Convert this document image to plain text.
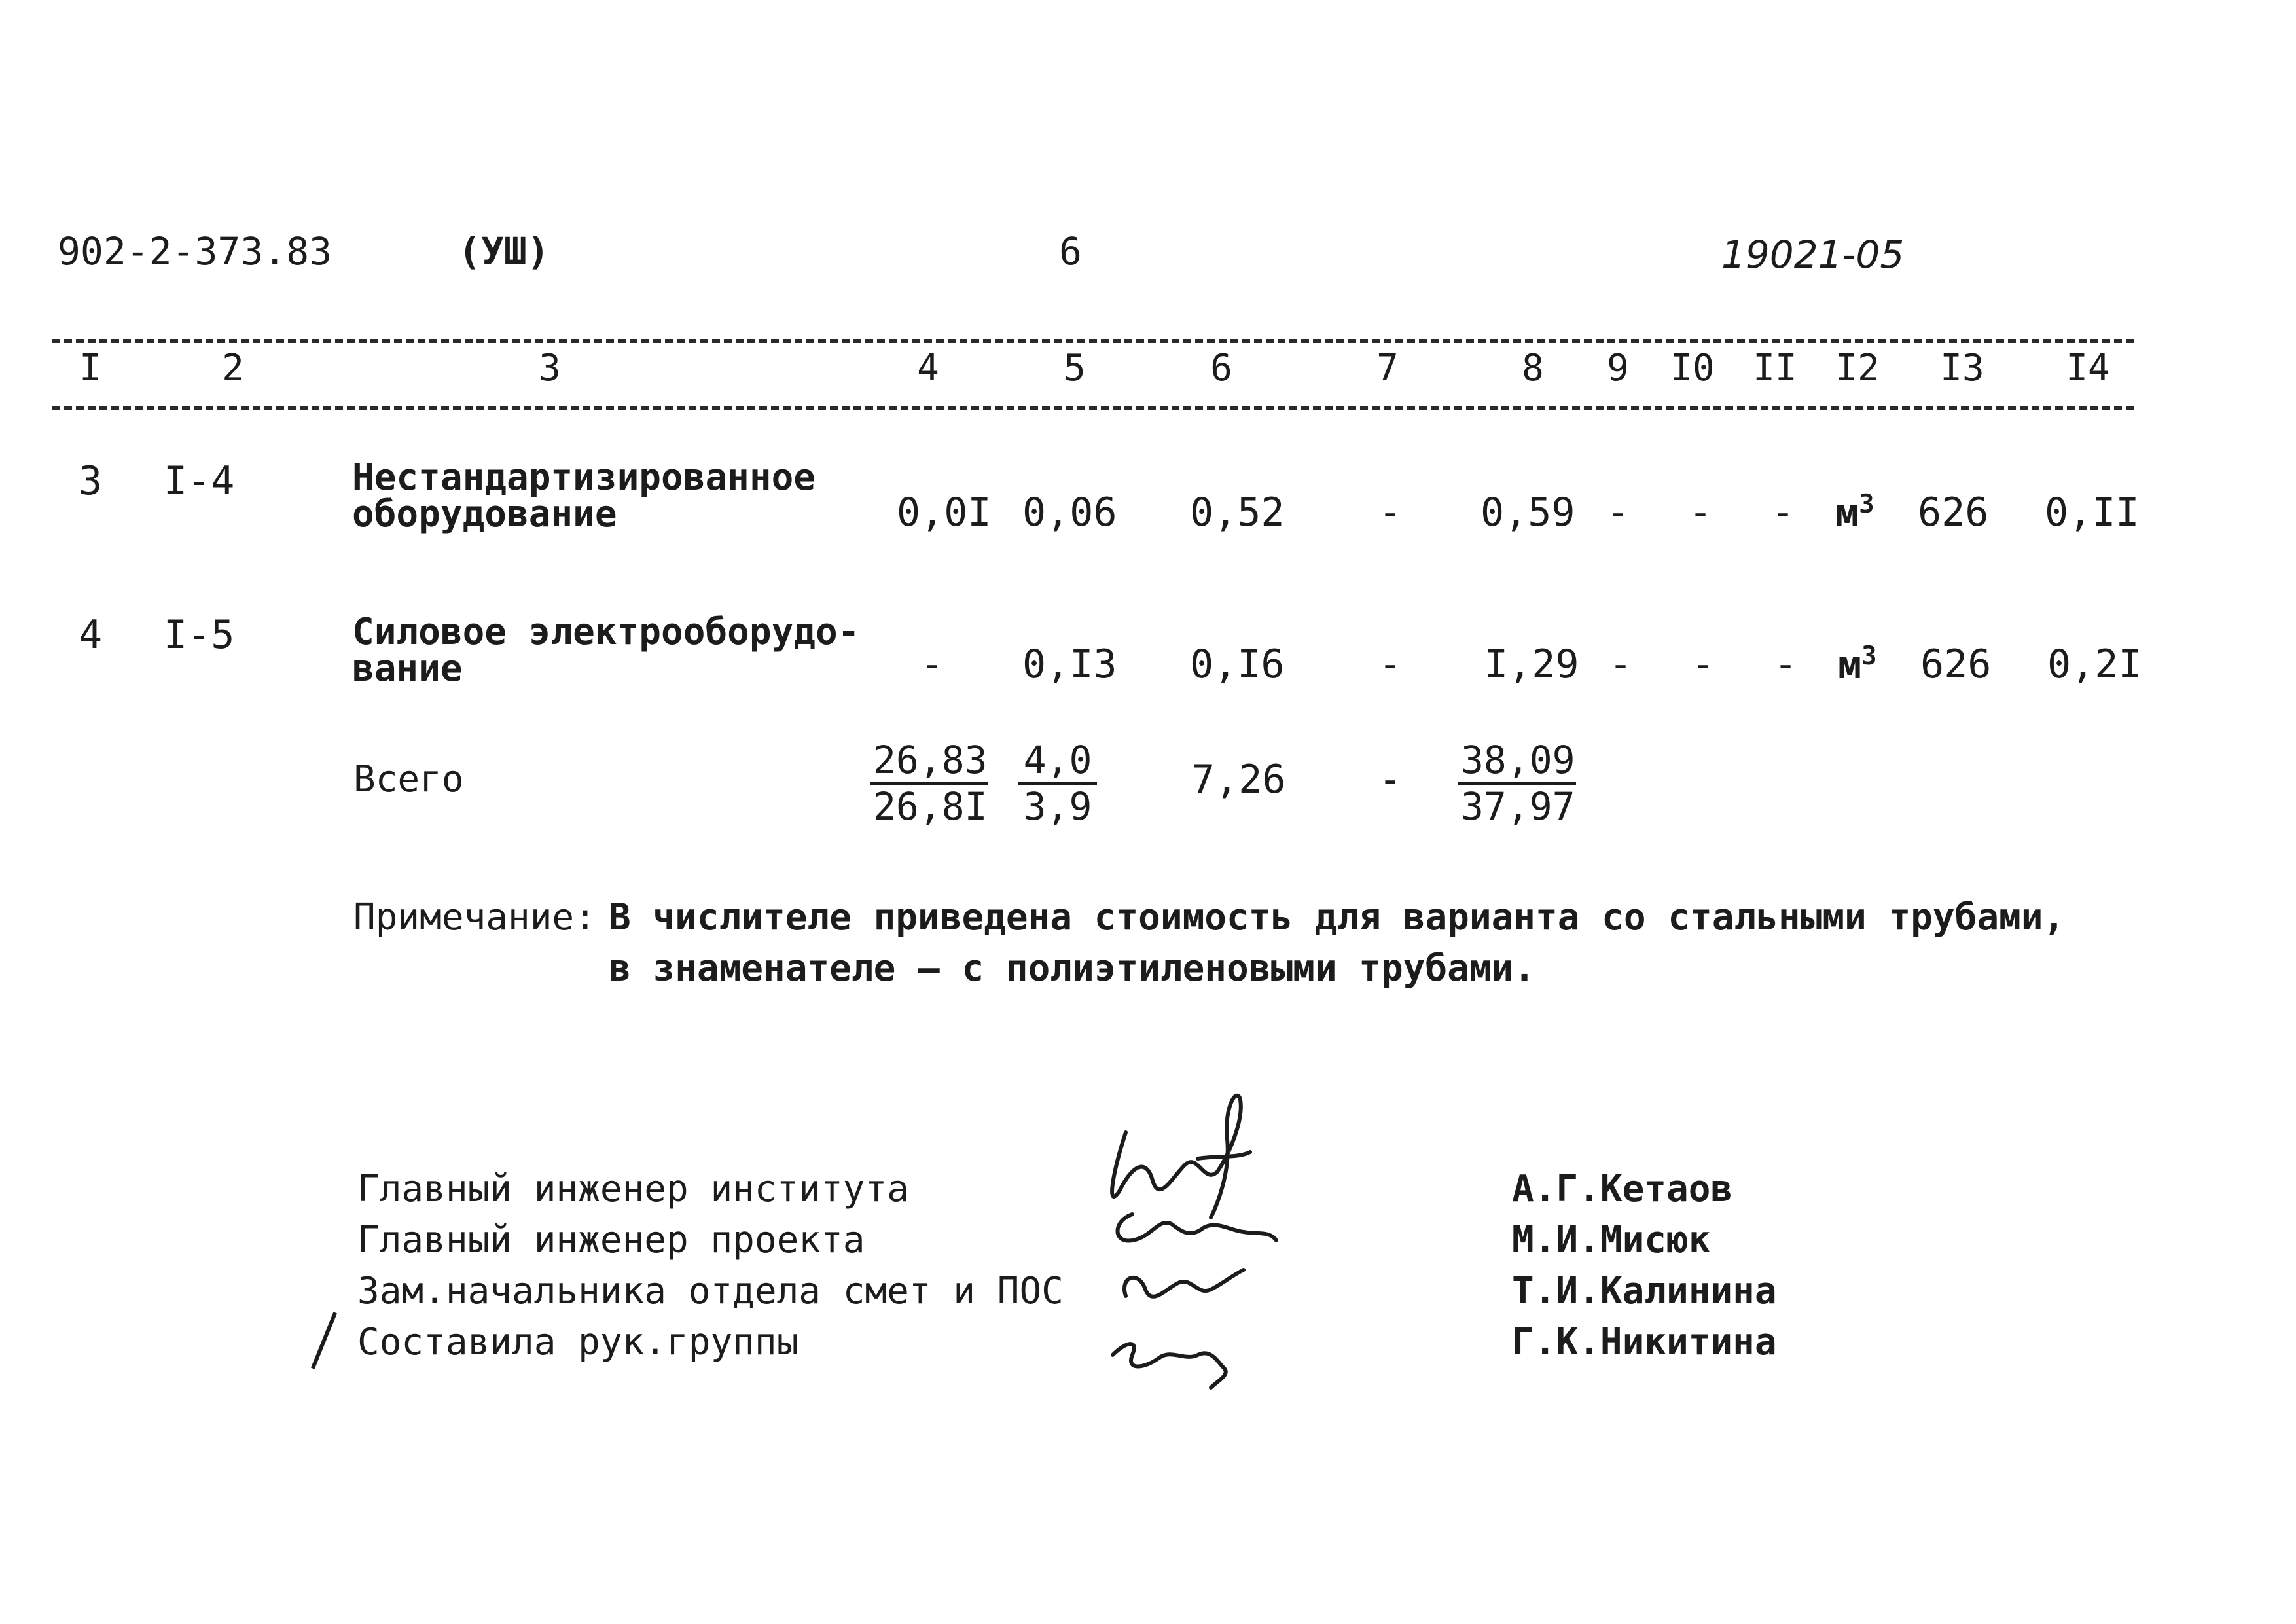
902-2-373.83	(УШ)	6	19021-05
I	2	3	4	5	6	7	8	9	I0	II	I2	I3	I4
3 I-4	Нестандартизированное
оборудование	0,0I 0,06 0,52 - 0,59 - - - $м^3$ 626 0,II
4 I-5	Силовое электрооборудо-
вание	- 0,I3 0,I6 - I,29 - - - $м^3$ 626 0,2I
Всего	$\frac{26,83}{26,8I} \frac{4,0}{3,9} 7,26 - \frac{38,09}{37,97}$
Примечание: В числителе приведена стоимость для варианта со стальными трубами,
в знаменателе – с полиэтиленовыми трубами.
Главный инженер института
Главный инженер проекта
Зам.начальника отдела смет и ПОС
Составила рук.группы
А.Г.Кетаов
М.И.Мисюк
Т.И.Калинина
Г.К.Никитина
